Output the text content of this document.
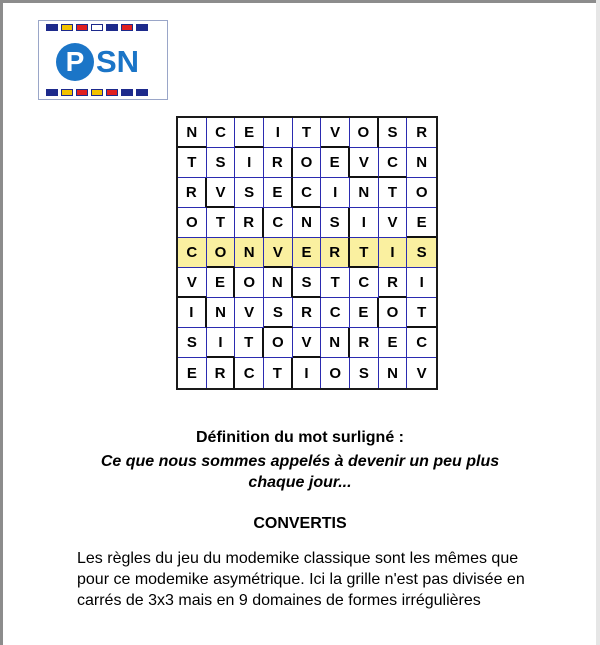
P SN
N	C	E	I	T	V	O	S	R
T	S	I	R	O	E	V	C	N
R	V	S	E	C	I	N	T	O
O	T	R	C	N	S	I	V	E
C	O	N	V	E	R	T	I	S
V	E	O	N	S	T	C	R	I
I	N	V	S	R	C	E	O	T
S	I	T	O	V	N	R	E	C
E	R	C	T	I	O	S	N	V
Définition du mot surligné :
Ce que nous sommes appelés à devenir un peu plus chaque jour...
CONVERTIS
Les règles du jeu du modemike classique sont les mêmes que pour ce modemike asymétrique. Ici la grille n'est pas divisée en carrés de 3x3 mais en 9 domaines de formes irrégulières
